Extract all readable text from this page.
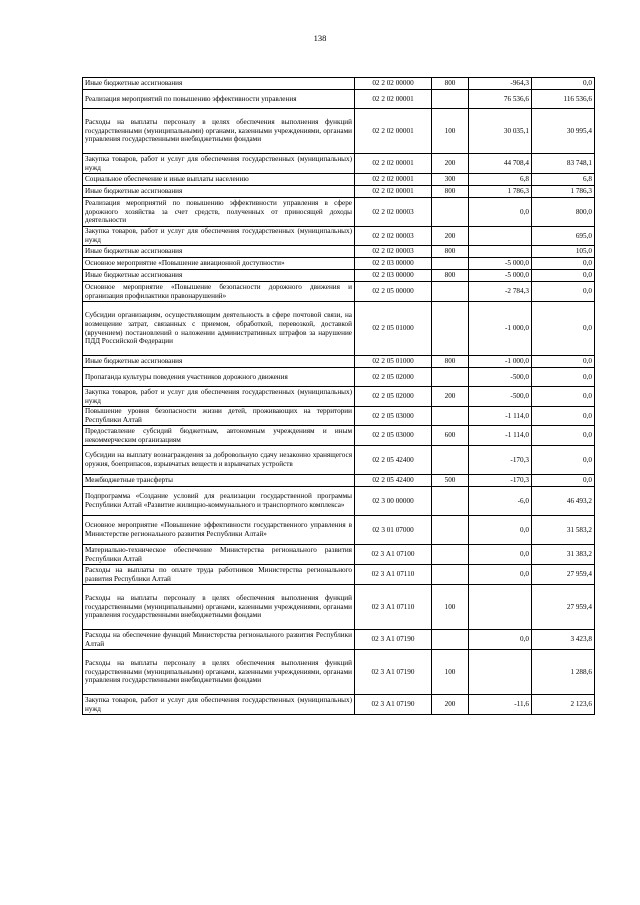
138
Иные бюджетные ассигнования	02 2 02 00000	800	-964,3	0,0
Реализация мероприятий по повышению эффективности управления	02 2 02 00001		76 536,6	116 536,6
Расходы на выплаты персоналу в целях обеспечения выполнения функций государственными (муниципальными) органами, казенными учреждениями, органами управления государственными внебюджетными фондами	02 2 02 00001	100	30 035,1	30 995,4
Закупка товаров, работ и услуг для обеспечения государственных (муниципальных) нужд	02 2 02 00001	200	44 708,4	83 748,1
Социальное обеспечение и иные выплаты населению	02 2 02 00001	300	6,8	6,8
Иные бюджетные ассигнования	02 2 02 00001	800	1 786,3	1 786,3
Реализация мероприятий по повышению эффективности управления в сфере дорожного хозяйства за счет средств, полученных от приносящей доходы деятельности	02 2 02 00003		0,0	800,0
Закупка товаров, работ и услуг для обеспечения государственных (муниципальных) нужд	02 2 02 00003	200		695,0
Иные бюджетные ассигнования	02 2 02 00003	800		105,0
Основное мероприятие «Повышение авиационной доступности»	02 2 03 00000		-5 000,0	0,0
Иные бюджетные ассигнования	02 2 03 00000	800	-5 000,0	0,0
Основное мероприятие «Повышение безопасности дорожного движения и организация профилактики правонарушений»	02 2 05 00000		-2 784,3	0,0
Субсидии организациям, осуществляющим деятельность в сфере почтовой связи, на возмещение затрат, связанных с приемом, обработкой, перевозкой, доставкой (вручением) постановлений о наложении административных штрафов за нарушение ПДД Российской Федерации	02 2 05 01000		-1 000,0	0,0
Иные бюджетные ассигнования	02 2 05 01000	800	-1 000,0	0,0
Пропаганда культуры поведения участников дорожного движения	02 2 05 02000		-500,0	0,0
Закупка товаров, работ и услуг для обеспечения государственных (муниципальных) нужд	02 2 05 02000	200	-500,0	0,0
Повышение уровня безопасности жизни детей, проживающих на территории Республики Алтай	02 2 05 03000		-1 114,0	0,0
Предоставление субсидий бюджетным, автономным учреждениям и иным некоммерческим организациям	02 2 05 03000	600	-1 114,0	0,0
Субсидии на выплату вознаграждения за добровольную сдачу незаконно хранящегося оружия, боеприпасов, взрывчатых веществ и взрывчатых устройств	02 2 05 42400		-170,3	0,0
Межбюджетные трансферты	02 2 05 42400	500	-170,3	0,0
Подпрограмма «Создание условий для реализации государственной программы Республики Алтай «Развитие жилищно-коммунального и транспортного комплекса»	02 3 00 00000		-6,0	46 493,2
Основное мероприятие «Повышение эффективности государственного управления в Министерстве регионального развития Республики Алтай»	02 3 01 07000		0,0	31 583,2
Материально-техническое обеспечение Министерства регионального развития Республики Алтай	02 3 А1 07100		0,0	31 383,2
Расходы на выплаты по оплате труда работников Министерства регионального развития Республики Алтай	02 3 А1 07110		0,0	27 959,4
Расходы на выплаты персоналу в целях обеспечения выполнения функций государственными (муниципальными) органами, казенными учреждениями, органами управления государственными внебюджетными фондами	02 3 А1 07110	100		27 959,4
Расходы на обеспечение функций Министерства регионального развития Республики Алтай	02 3 А1 07190		0,0	3 423,8
Расходы на выплаты персоналу в целях обеспечения выполнения функций государственными (муниципальными) органами, казенными учреждениями, органами управления государственными внебюджетными фондами	02 3 А1 07190	100		1 288,6
Закупка товаров, работ и услуг для обеспечения государственных (муниципальных) нужд	02 3 А1 07190	200	-11,6	2 123,6
